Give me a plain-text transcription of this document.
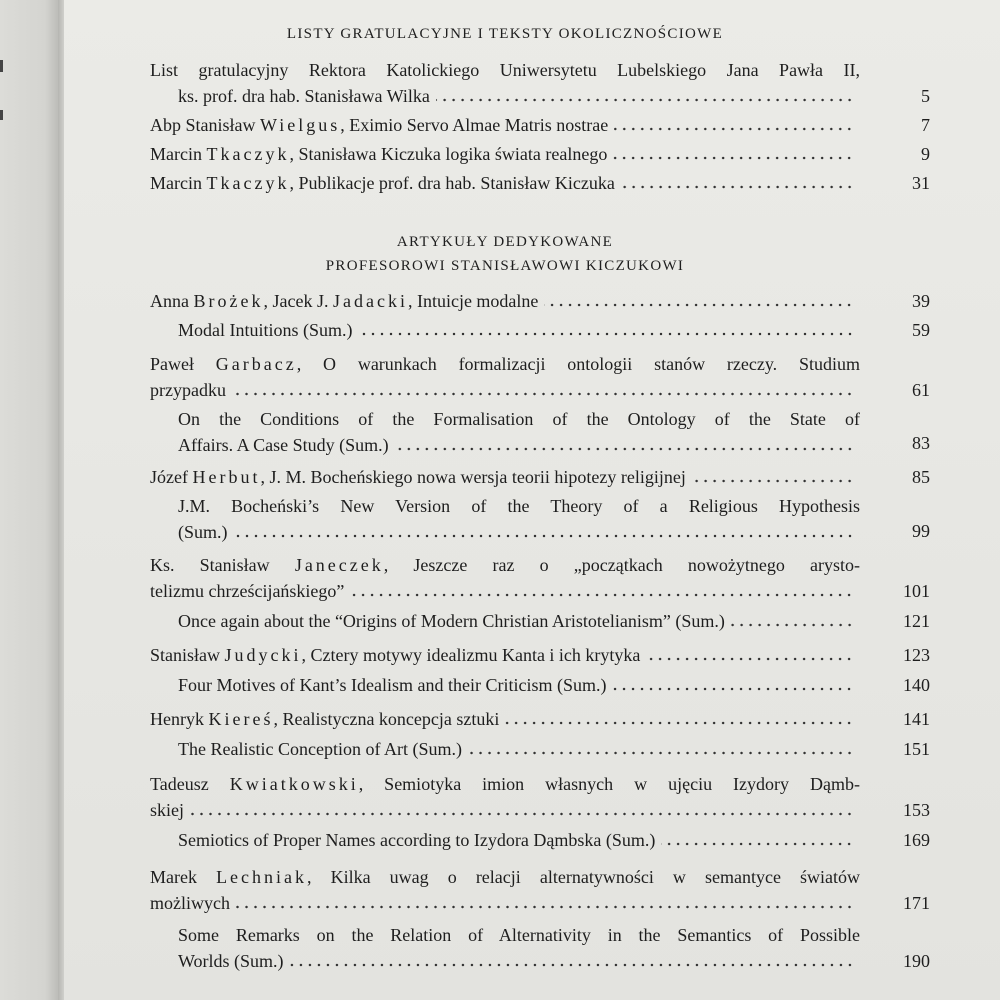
LISTY GRATULACYJNE I TEKSTY OKOLICZNOŚCIOWE
List gratulacyjny Rektora Katolickiego Uniwersytetu Lubelskiego Jana Pawła II,
ks. prof. dra hab. Stanisława Wilka	5
Abp Stanisław Wielgus, Eximio Servo Almae Matris nostrae	7
Marcin Tkaczyk, Stanisława Kiczuka logika świata realnego	9
Marcin Tkaczyk, Publikacje prof. dra hab. Stanisław Kiczuka	31
ARTYKUŁY DEDYKOWANE
PROFESOROWI STANISŁAWOWI KICZUKOWI
Anna Brożek, Jacek J. Jadacki, Intuicje modalne	39
Modal Intuitions (Sum.)	59
Paweł Garbacz, O warunkach formalizacji ontologii stanów rzeczy. Studium
przypadku	61
On the Conditions of the Formalisation of the Ontology of the State of
Affairs. A Case Study (Sum.)	83
Józef Herbut, J. M. Bocheńskiego nowa wersja teorii hipotezy religijnej	85
J.M. Bocheński’s New Version of the Theory of a Religious Hypothesis
(Sum.)	99
Ks. Stanisław Janeczek, Jeszcze raz o „początkach nowożytnego arysto-
telizmu chrześcijańskiego”	101
Once again about the “Origins of Modern Christian Aristotelianism” (Sum.)	121
Stanisław Judycki, Cztery motywy idealizmu Kanta i ich krytyka	123
Four Motives of Kant’s Idealism and their Criticism (Sum.)	140
Henryk Kiereś, Realistyczna koncepcja sztuki	141
The Realistic Conception of Art (Sum.)	151
Tadeusz Kwiatkowski, Semiotyka imion własnych w ujęciu Izydory Dąmb-
skiej	153
Semiotics of Proper Names according to Izydora Dąmbska (Sum.)	169
Marek Lechniak, Kilka uwag o relacji alternatywności w semantyce światów
możliwych	171
Some Remarks on the Relation of Alternativity in the Semantics of Possible
Worlds (Sum.)	190
